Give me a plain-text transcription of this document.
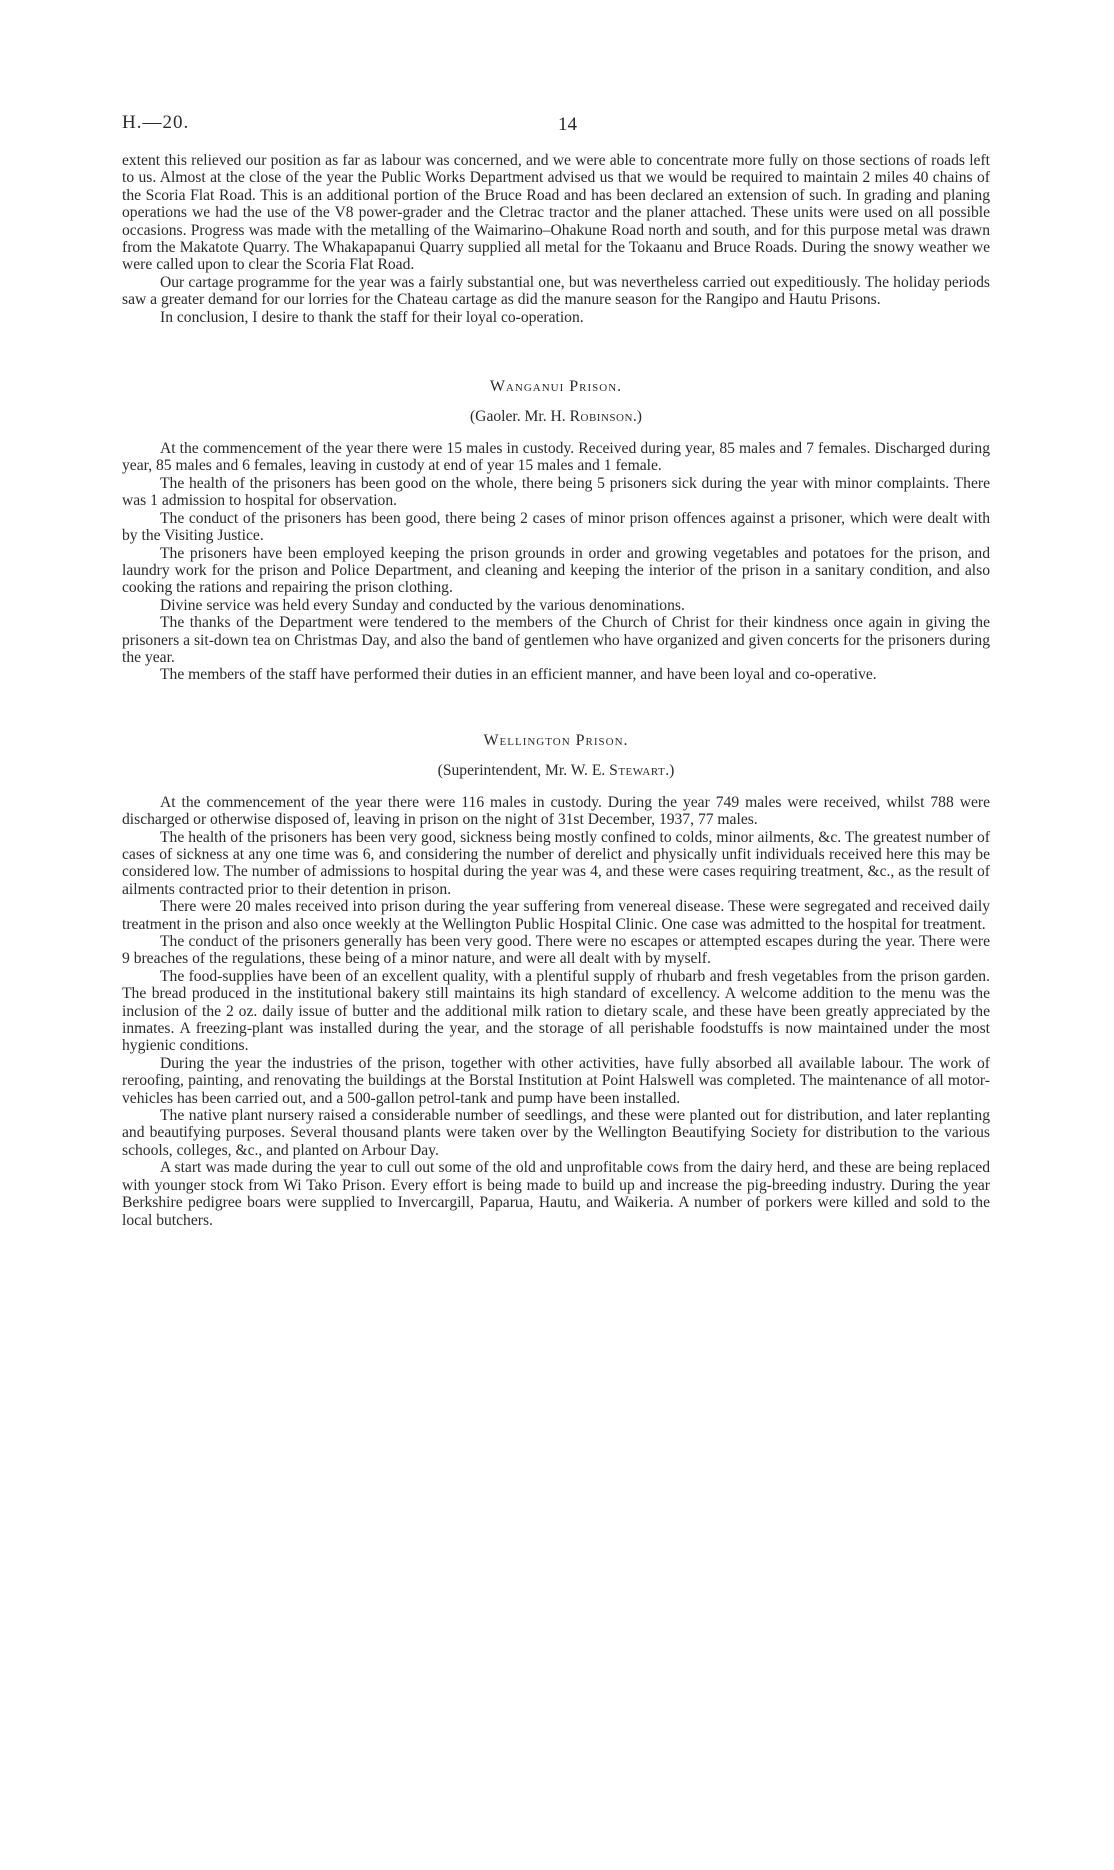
H.—20.	14

extent this relieved our position as far as labour was concerned, and we were able to concentrate more fully on those sections of roads left to us. Almost at the close of the year the Public Works Department advised us that we would be required to maintain 2 miles 40 chains of the Scoria Flat Road. This is an additional portion of the Bruce Road and has been declared an extension of such. In grading and planing operations we had the use of the V8 power-grader and the Cletrac tractor and the planer attached. These units were used on all possible occasions. Progress was made with the metalling of the Waimarino–Ohakune Road north and south, and for this purpose metal was drawn from the Makatote Quarry. The Whakapapanui Quarry supplied all metal for the Tokaanu and Bruce Roads. During the snowy weather we were called upon to clear the Scoria Flat Road.

Our cartage programme for the year was a fairly substantial one, but was nevertheless carried out expeditiously. The holiday periods saw a greater demand for our lorries for the Chateau cartage as did the manure season for the Rangipo and Hautu Prisons.

In conclusion, I desire to thank the staff for their loyal co-operation.

Wanganui Prison.
(Gaoler. Mr. H. Robinson.)

At the commencement of the year there were 15 males in custody. Received during year, 85 males and 7 females. Discharged during year, 85 males and 6 females, leaving in custody at end of year 15 males and 1 female.

The health of the prisoners has been good on the whole, there being 5 prisoners sick during the year with minor complaints. There was 1 admission to hospital for observation.

The conduct of the prisoners has been good, there being 2 cases of minor prison offences against a prisoner, which were dealt with by the Visiting Justice.

The prisoners have been employed keeping the prison grounds in order and growing vegetables and potatoes for the prison, and laundry work for the prison and Police Department, and cleaning and keeping the interior of the prison in a sanitary condition, and also cooking the rations and repairing the prison clothing.

Divine service was held every Sunday and conducted by the various denominations.

The thanks of the Department were tendered to the members of the Church of Christ for their kindness once again in giving the prisoners a sit-down tea on Christmas Day, and also the band of gentlemen who have organized and given concerts for the prisoners during the year.

The members of the staff have performed their duties in an efficient manner, and have been loyal and co-operative.

Wellington Prison.
(Superintendent, Mr. W. E. Stewart.)

At the commencement of the year there were 116 males in custody. During the year 749 males were received, whilst 788 were discharged or otherwise disposed of, leaving in prison on the night of 31st December, 1937, 77 males.

The health of the prisoners has been very good, sickness being mostly confined to colds, minor ailments, &c. The greatest number of cases of sickness at any one time was 6, and considering the number of derelict and physically unfit individuals received here this may be considered low. The number of admissions to hospital during the year was 4, and these were cases requiring treatment, &c., as the result of ailments contracted prior to their detention in prison.

There were 20 males received into prison during the year suffering from venereal disease. These were segregated and received daily treatment in the prison and also once weekly at the Wellington Public Hospital Clinic. One case was admitted to the hospital for treatment.

The conduct of the prisoners generally has been very good. There were no escapes or attempted escapes during the year. There were 9 breaches of the regulations, these being of a minor nature, and were all dealt with by myself.

The food-supplies have been of an excellent quality, with a plentiful supply of rhubarb and fresh vegetables from the prison garden. The bread produced in the institutional bakery still maintains its high standard of excellency. A welcome addition to the menu was the inclusion of the 2 oz. daily issue of butter and the additional milk ration to dietary scale, and these have been greatly appreciated by the inmates. A freezing-plant was installed during the year, and the storage of all perishable foodstuffs is now maintained under the most hygienic conditions.

During the year the industries of the prison, together with other activities, have fully absorbed all available labour. The work of reroofing, painting, and renovating the buildings at the Borstal Institution at Point Halswell was completed. The maintenance of all motor-vehicles has been carried out, and a 500-gallon petrol-tank and pump have been installed.

The native plant nursery raised a considerable number of seedlings, and these were planted out for distribution, and later replanting and beautifying purposes. Several thousand plants were taken over by the Wellington Beautifying Society for distribution to the various schools, colleges, &c., and planted on Arbour Day.

A start was made during the year to cull out some of the old and unprofitable cows from the dairy herd, and these are being replaced with younger stock from Wi Tako Prison. Every effort is being made to build up and increase the pig-breeding industry. During the year Berkshire pedigree boars were supplied to Invercargill, Paparua, Hautu, and Waikeria. A number of porkers were killed and sold to the local butchers.
